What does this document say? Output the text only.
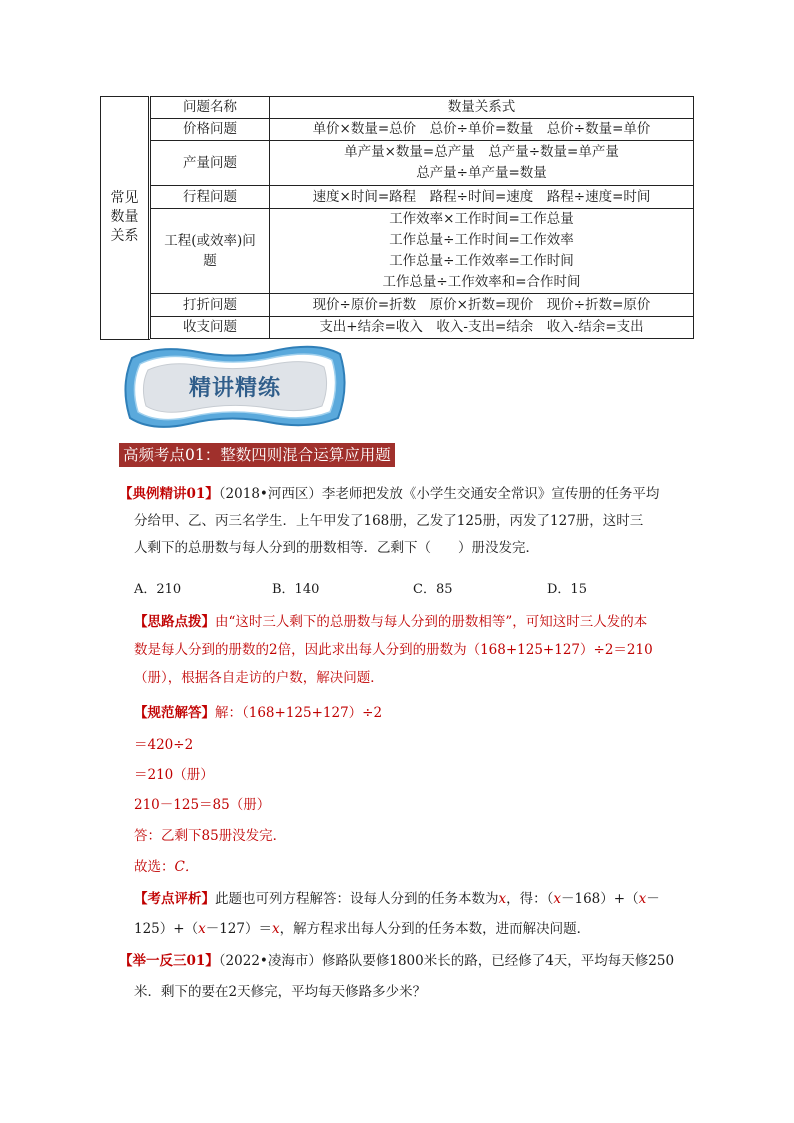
常见
数量
关系	问题名称	数量关系式
	价格问题	单价×数量=总价　总价÷单价=数量　总价÷数量=单价
	产量问题	单产量×数量=总产量　总产量÷数量=单产量
总产量÷单产量=数量

	行程问题	速度×时间=路程　路程÷时间=速度　路程÷速度=时间

	工程(或效率)问
题	工作效率×工作时间=工作总量
工作总量÷工作时间=工作效率
工作总量÷工作效率=工作时间
工作总量÷工作效率和=合作时间

	打折问题	现价÷原价=折数　原价×折数=现价　现价÷折数=原价
	收支问题	支出+结余=收入　收入-支出=结余　收入-结余=支出

精讲精练
高频考点01：整数四则混合运算应用题
【典例精讲01】（2018•河西区）李老师把发放《小学生交通安全常识》宣传册的任务平均
分给甲、乙、丙三名学生．上午甲发了168册，乙发了125册，丙发了127册，这时三
人剩下的总册数与每人分到的册数相等．乙剩下（　　）册没发完．
A．210	B．140	C．85	D．15
【思路点拨】由“这时三人剩下的总册数与每人分到的册数相等”，可知这时三人发的本
数是每人分到的册数的2倍，因此求出每人分到的册数为（168+125+127）÷2＝210
（册），根据各自走访的户数，解决问题．
【规范解答】解：（168+125+127）÷2
＝420÷2
＝210（册）
210－125＝85（册）
答：乙剩下85册没发完．
故选：C．
【考点评析】此题也可列方程解答：设每人分到的任务本数为x，得：（x－168）+（x－
125）+（x－127）＝x，解方程求出每人分到的任务本数，进而解决问题．
【举一反三01】（2022•凌海市）修路队要修1800米长的路，已经修了4天，平均每天修250
米．剩下的要在2天修完，平均每天修路多少米？
